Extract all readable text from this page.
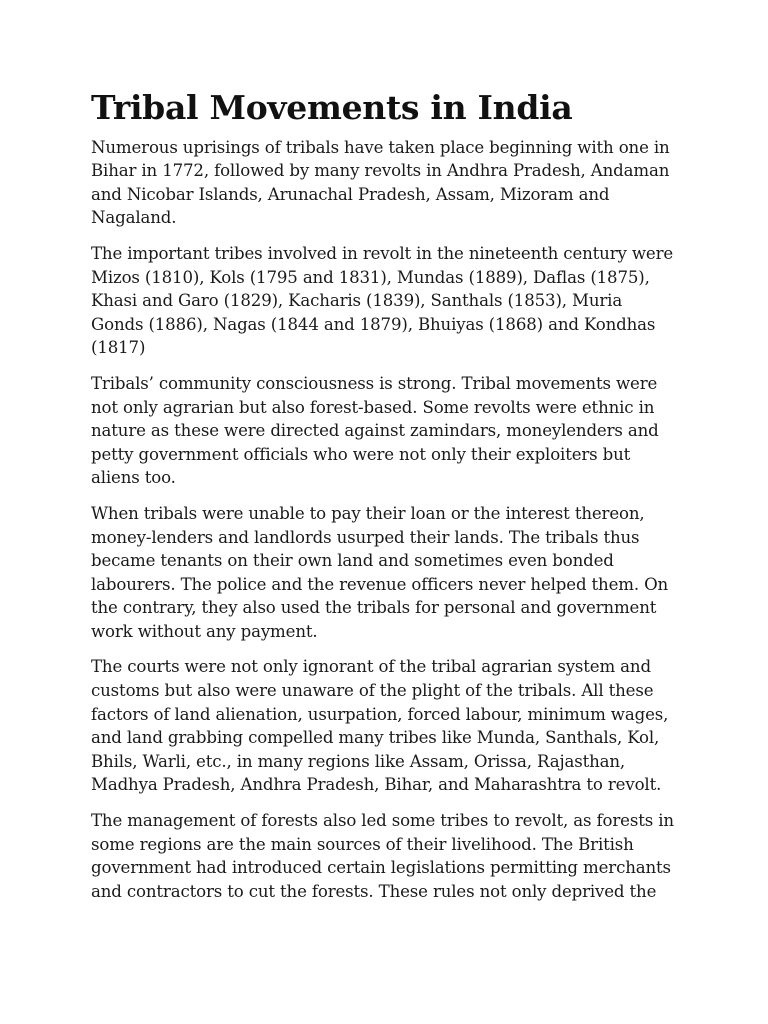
Tribal Movements in India

Numerous uprisings of tribals have taken place beginning with one in Bihar in 1772, followed by many revolts in Andhra Pradesh, Andaman and Nicobar Islands, Arunachal Pradesh, Assam, Mizoram and Nagaland.

The important tribes involved in revolt in the nineteenth century were Mizos (1810), Kols (1795 and 1831), Mundas (1889), Daflas (1875), Khasi and Garo (1829), Kacharis (1839), Santhals (1853), Muria Gonds (1886), Nagas (1844 and 1879), Bhuiyas (1868) and Kondhas (1817)

Tribals’ community consciousness is strong. Tribal movements were not only agrarian but also forest-based. Some revolts were ethnic in nature as these were directed against zamindars, moneylenders and petty government officials who were not only their exploiters but aliens too.

When tribals were unable to pay their loan or the interest thereon, money-lenders and landlords usurped their lands. The tribals thus became tenants on their own land and sometimes even bonded labourers. The police and the revenue officers never helped them. On the contrary, they also used the tribals for personal and government work without any payment.

The courts were not only ignorant of the tribal agrarian system and customs but also were unaware of the plight of the tribals. All these factors of land alienation, usurpation, forced labour, minimum wages, and land grabbing compelled many tribes like Munda, Santhals, Kol, Bhils, Warli, etc., in many regions like Assam, Orissa, Rajasthan, Madhya Pradesh, Andhra Pradesh, Bihar, and Maharashtra to revolt.

The management of forests also led some tribes to revolt, as forests in some regions are the main sources of their livelihood. The British government had introduced certain legislations permitting merchants and contractors to cut the forests. These rules not only deprived the
